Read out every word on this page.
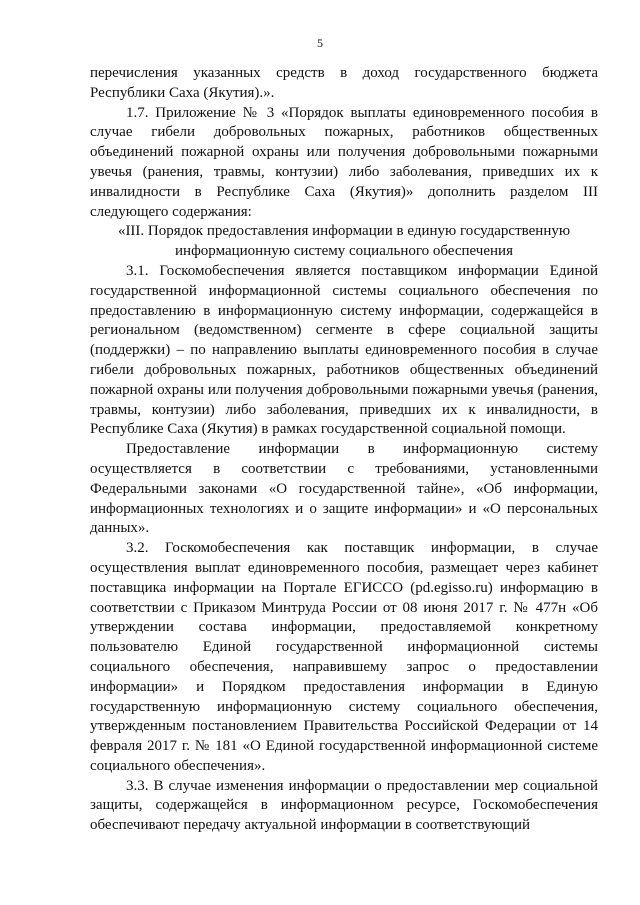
5

перечисления указанных средств в доход государственного бюджета Республики Саха (Якутия).».

1.7. Приложение № 3 «Порядок выплаты единовременного пособия в случае гибели добровольных пожарных, работников общественных объединений пожарной охраны или получения добровольными пожарными увечья (ранения, травмы, контузии) либо заболевания, приведших их к инвалидности в Республике Саха (Якутия)» дополнить разделом III следующего содержания:

«III. Порядок предоставления информации в единую государственную информационную систему социального обеспечения

3.1. Госкомобеспечения является поставщиком информации Единой государственной информационной системы социального обеспечения по предоставлению в информационную систему информации, содержащейся в региональном (ведомственном) сегменте в сфере социальной защиты (поддержки) – по направлению выплаты единовременного пособия в случае гибели добровольных пожарных, работников общественных объединений пожарной охраны или получения добровольными пожарными увечья (ранения, травмы, контузии) либо заболевания, приведших их к инвалидности, в Республике Саха (Якутия) в рамках государственной социальной помощи.

Предоставление информации в информационную систему осуществляется в соответствии с требованиями, установленными Федеральными законами «О государственной тайне», «Об информации, информационных технологиях и о защите информации» и «О персональных данных».

3.2. Госкомобеспечения как поставщик информации, в случае осуществления выплат единовременного пособия, размещает через кабинет поставщика информации на Портале ЕГИССО (pd.egisso.ru) информацию в соответствии с Приказом Минтруда России от 08 июня 2017 г. № 477н «Об утверждении состава информации, предоставляемой конкретному пользователю Единой государственной информационной системы социального обеспечения, направившему запрос о предоставлении информации» и Порядком предоставления информации в Единую государственную информационную систему социального обеспечения, утвержденным постановлением Правительства Российской Федерации от 14 февраля 2017 г. № 181 «О Единой государственной информационной системе социального обеспечения».

3.3. В случае изменения информации о предоставлении мер социальной защиты, содержащейся в информационном ресурсе, Госкомобеспечения обеспечивают передачу актуальной информации в соответствующий
